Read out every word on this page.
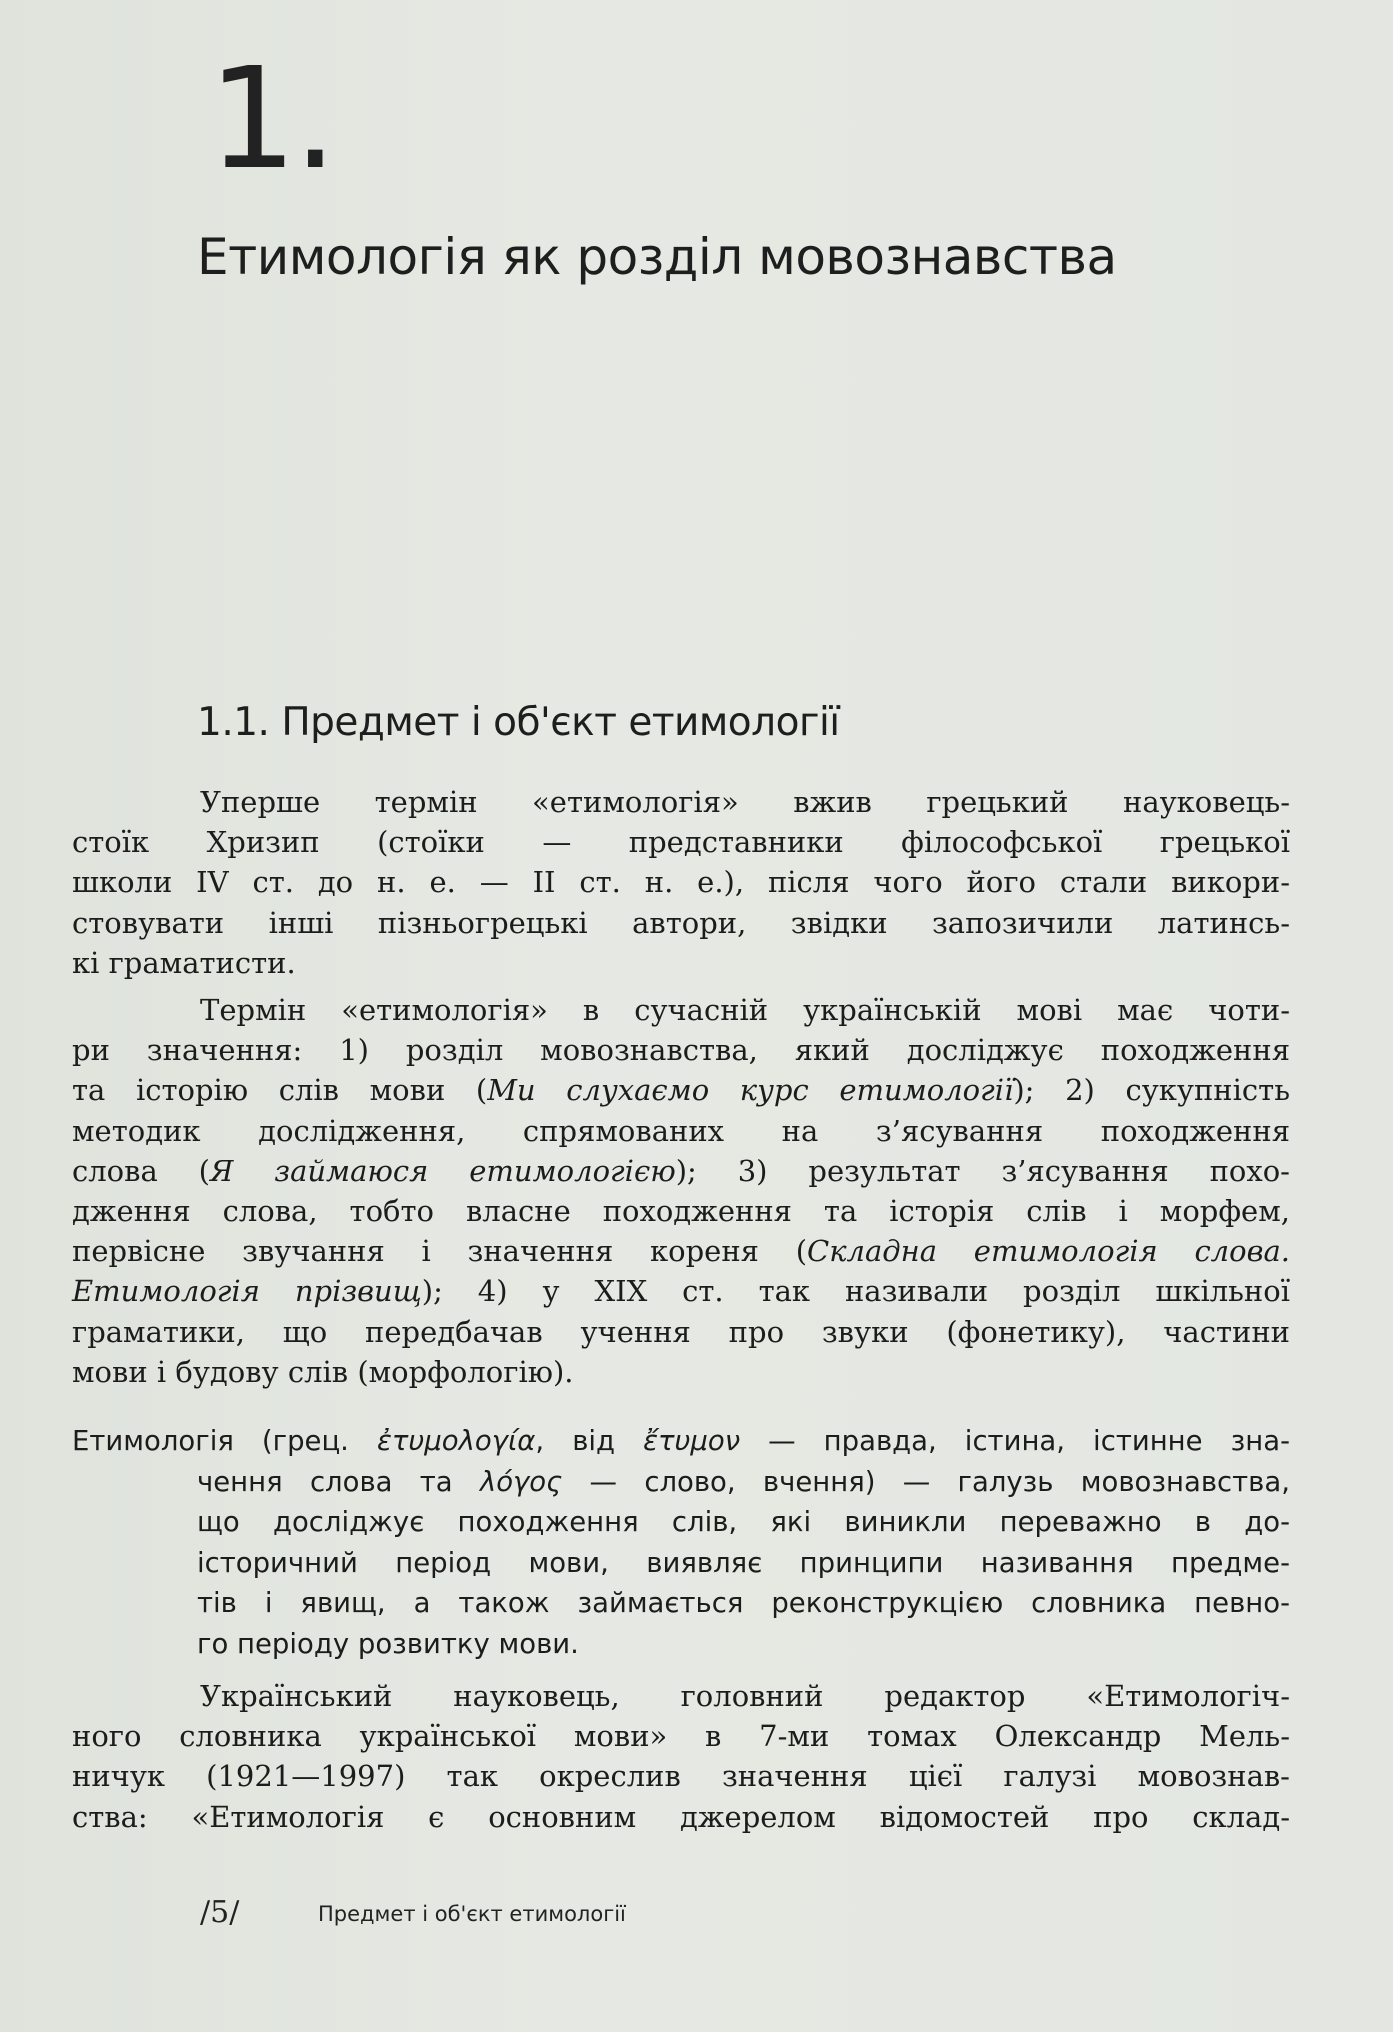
1.
Етимологія як розділ мовознавства
1.1. Предмет і об'єкт етимології
Уперше термін «етимологія» вжив грецький науковець-
стоїк Хризип (стоїки — представники філософської грецької
школи IV ст. до н. е. — II ст. н. е.), після чого його стали викори-
стовувати інші пізньогрецькі автори, звідки запозичили латинсь-
кі граматисти.
Термін «етимологія» в сучасній українській мові має чоти-
ри значення: 1) розділ мовознавства, який досліджує походження
та історію слів мови (Ми слухаємо курс етимології); 2) сукупність
методик дослідження, спрямованих на з’ясування походження
слова (Я займаюся етимологією); 3) результат з’ясування похо-
дження слова, тобто власне походження та історія слів і морфем,
первісне звучання і значення кореня (Складна етимологія слова.
Етимологія прізвищ); 4) у XIX ст. так називали розділ шкільної
граматики, що передбачав учення про звуки (фонетику), частини
мови і будову слів (морфологію).
Етимологія (грец. ἐτυμολογία, від ἔτυμον — правда, істина, істинне зна-
чення слова та λόγος — слово, вчення) — галузь мовознавства,
що досліджує походження слів, які виникли переважно в до-
історичний період мови, виявляє принципи називання предме-
тів і явищ, а також займається реконструкцією словника певно-
го періоду розвитку мови.
Український науковець, головний редактор «Етимологіч-
ного словника української мови» в 7-ми томах Олександр Мель-
ничук (1921—1997) так окреслив значення цієї галузі мовознав-
ства: «Етимологія є основним джерелом відомостей про склад-
/5/	Предмет і об'єкт етимології
